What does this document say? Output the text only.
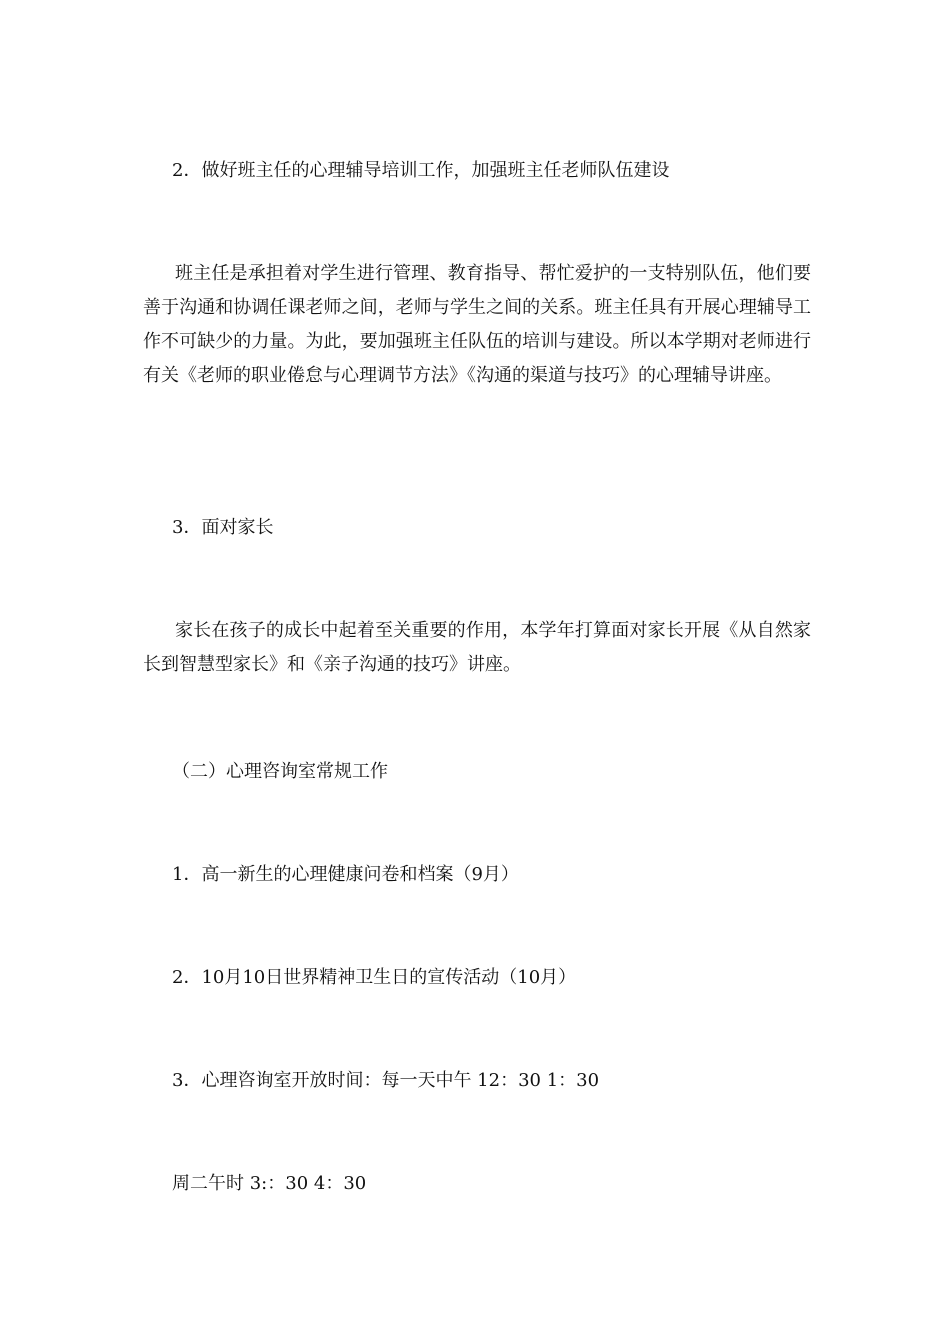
2．做好班主任的心理辅导培训工作，加强班主任老师队伍建设

班主任是承担着对学生进行管理、教育指导、帮忙爱护的一支特别队伍，他们要善于沟通和协调任课老师之间，老师与学生之间的关系。班主任具有开展心理辅导工作不可缺少的力量。为此，要加强班主任队伍的培训与建设。所以本学期对老师进行有关《老师的职业倦怠与心理调节方法》《沟通的渠道与技巧》的心理辅导讲座。

3．面对家长

家长在孩子的成长中起着至关重要的作用，本学年打算面对家长开展《从自然家长到智慧型家长》和《亲子沟通的技巧》讲座。

（二）心理咨询室常规工作
1．高一新生的心理健康问卷和档案（9月）
2．10月10日世界精神卫生日的宣传活动（10月）
3．心理咨询室开放时间：每一天中午 12：30 1：30
周二午时 3:：30 4：30
